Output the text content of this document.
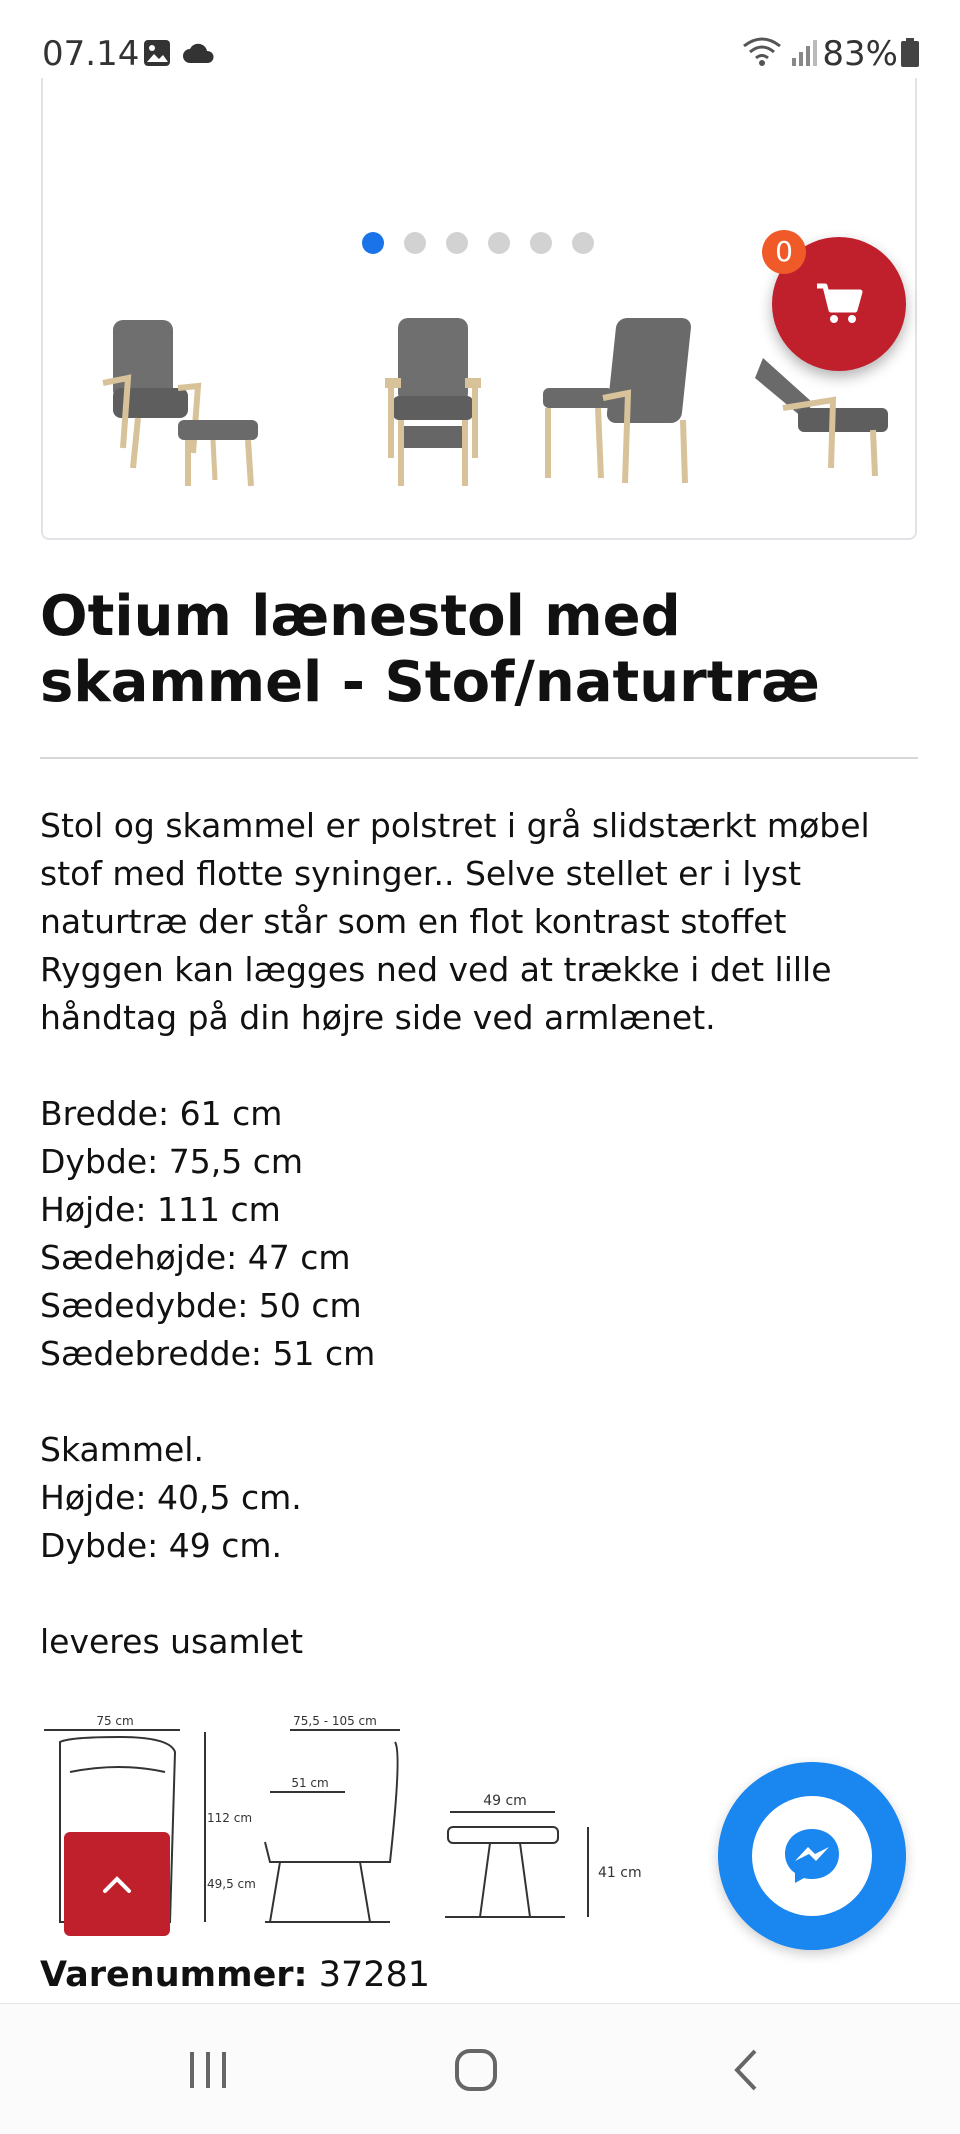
07.14	83%
0
Otium lænestol med skammel - Stof/naturtræ

Stol og skammel er polstret i grå slidstærkt møbel stof med flotte syninger.. Selve stellet er i lyst naturtræ der står som en flot kontrast stoffet

Ryggen kan lægges ned ved at trække i det lille håndtag på din højre side ved armlænet.

Bredde: 61 cm

Dybde: 75,5 cm

Højde: 111 cm

Sædehøjde: 47 cm

Sædedybde: 50 cm

Sædebredde: 51 cm

Skammel.

Højde: 40,5 cm.

Dybde: 49 cm.

leveres usamlet

75 cm
112 cm
49,5 cm
75,5 - 105 cm
51 cm
49 cm
41 cm
Varenummer: 37281
